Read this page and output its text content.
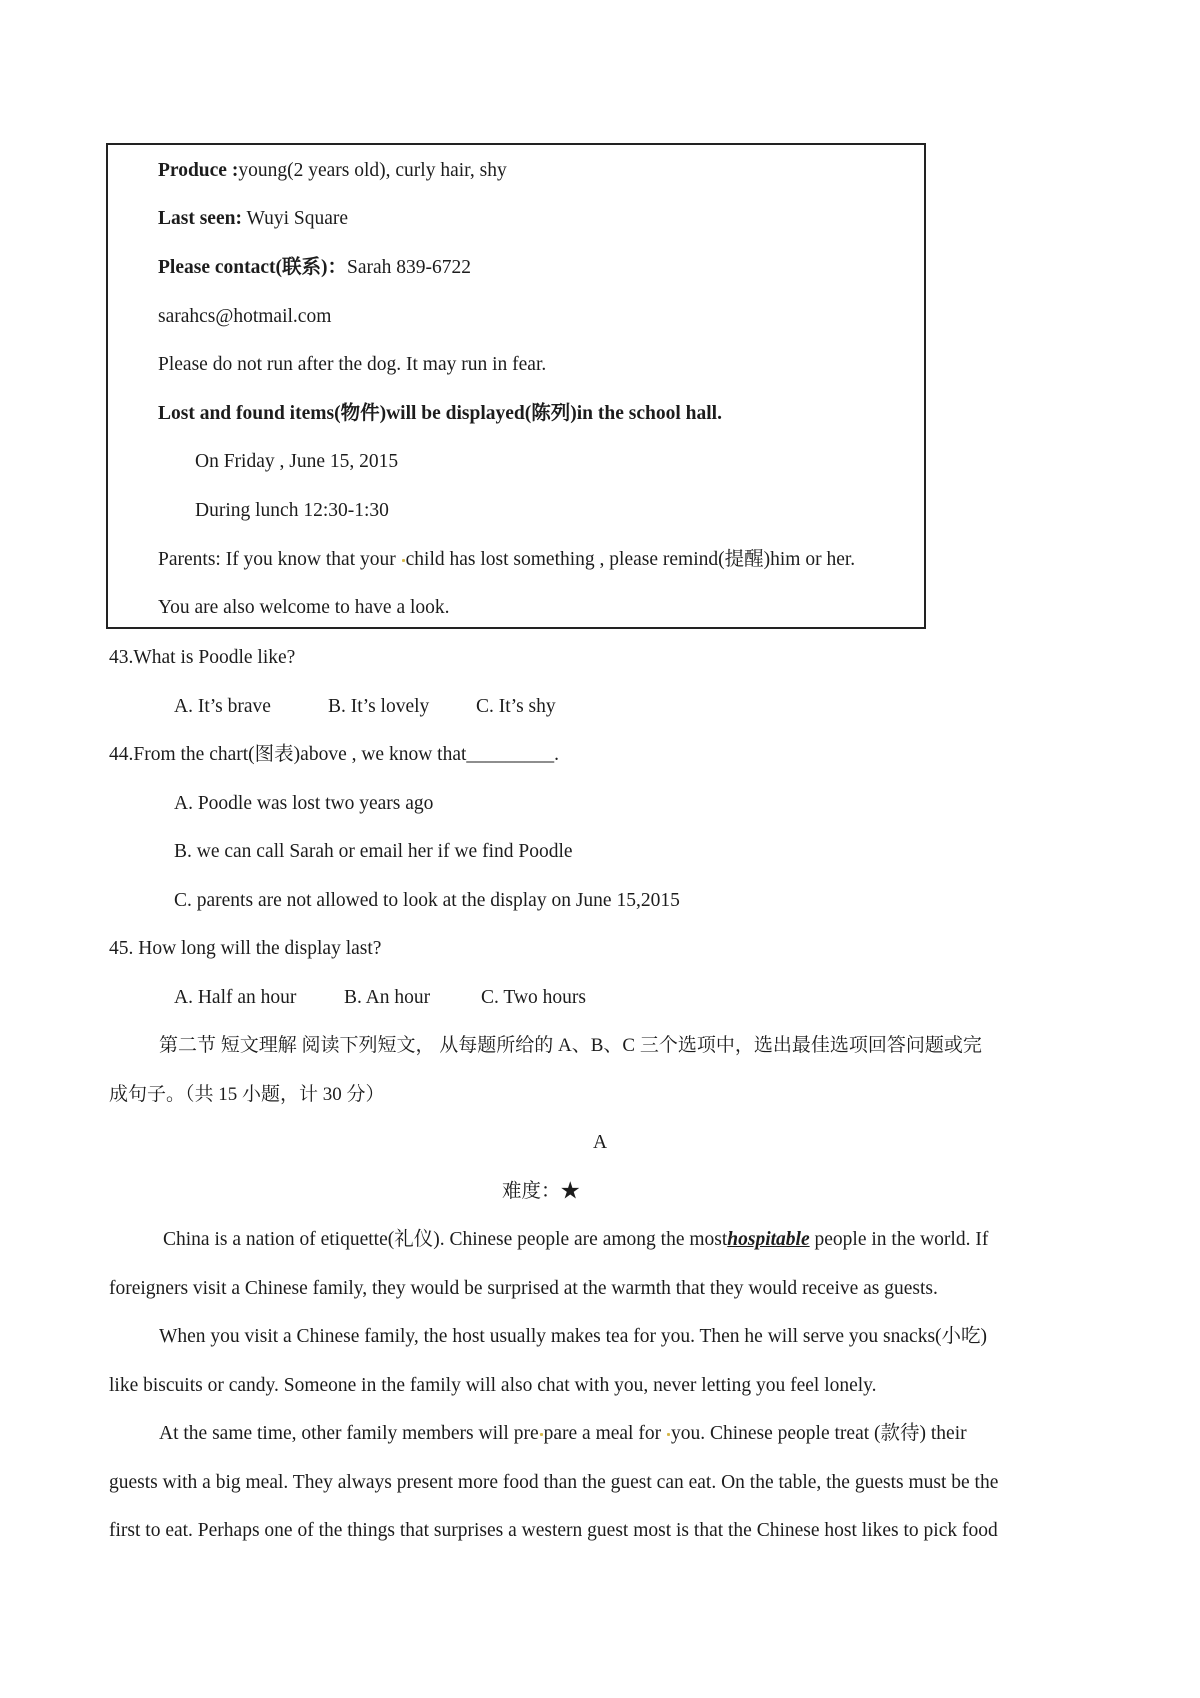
Produce :young(2 years old), curly hair, shy
Last seen: Wuyi Square
Please contact(联系)：Sarah 839-6722
sarahcs@hotmail.com
Please do not run after the dog. It may run in fear.
Lost and found items(物件)will be displayed(陈列)in the school hall.
On Friday , June 15, 2015
During lunch 12:30-1:30
Parents: If you know that your child has lost something , please remind(提醒)him or her.
You are also welcome to have a look.
43.What is Poodle like?
A. It’s brave	B. It’s lovely C. It’s shy
44.From the chart(图表)above , we know that_________.
A. Poodle was lost two years ago
B. we can call Sarah or email her if we find Poodle
C. parents are not allowed to look at the display on June 15,2015
45. How long will the display last?
A. Half an hour B. An hour	C. Two hours
第二节 短文理解 阅读下列短文， 从每题所给的 A、B、C 三个选项中，选出最佳选项回答问题或完
成句子。（共 15 小题，计 30 分）
A
难度：★
China is a nation of etiquette(礼仪). Chinese people are among the mosthospitable people in the world. If
foreigners visit a Chinese family, they would be surprised at the warmth that they would receive as guests.
When you visit a Chinese family, the host usually makes tea for you. Then he will serve you snacks(小吃)
like biscuits or candy. Someone in the family will also chat with you, never letting you feel lonely.
At the same time, other family members will pre pare a meal for you. Chinese people treat (款待) their
guests with a big meal. They always present more food than the guest can eat. On the table, the guests must be the
first to eat. Perhaps one of the things that surprises a western guest most is that the Chinese host likes to pick food
